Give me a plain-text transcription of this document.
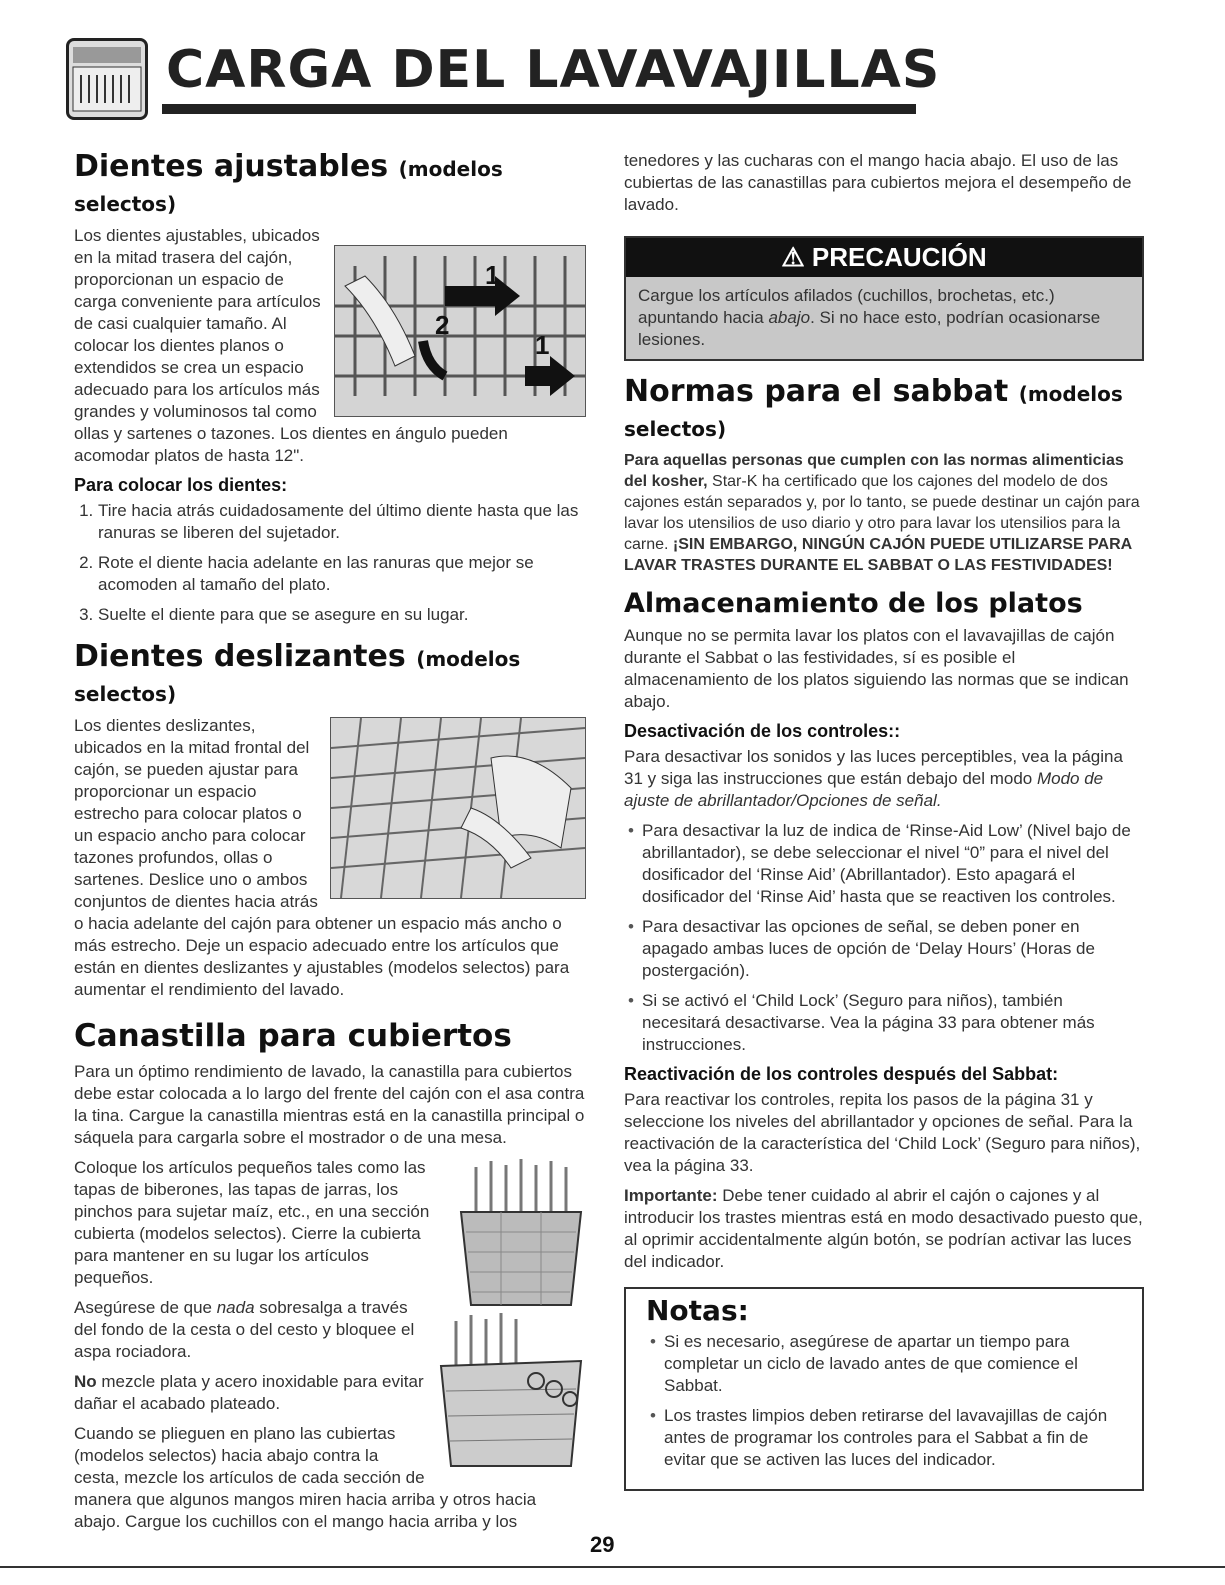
CARGA DEL LAVAVAJILLAS
Dientes ajustables (modelos selectos)
1
2
1

Los dientes ajustables, ubicados en la mitad trasera del cajón, proporcionan un espacio de carga conveniente para artículos de casi cualquier tamaño. Al colocar los dientes planos o extendidos se crea un espacio adecuado para los artículos más grandes y voluminosos tal como ollas y sartenes o tazones. Los dientes en ángulo pueden acomodar platos de hasta 12".

Para colocar los dientes:
1. Tire hacia atrás cuidadosamente del último diente hasta que las ranuras se liberen del sujetador.
2. Rote el diente hacia adelante en las ranuras que mejor se acomoden al tamaño del plato.
3. Suelte el diente para que se asegure en su lugar.
Dientes deslizantes (modelos selectos)

Los dientes deslizantes, ubicados en la mitad frontal del cajón, se pueden ajustar para proporcionar un espacio estrecho para colocar platos o un espacio ancho para colocar tazones profundos, ollas o sartenes. Deslice uno o ambos conjuntos de dientes hacia atrás o hacia adelante del cajón para obtener un espacio más ancho o más estrecho. Deje un espacio adecuado entre los artículos que están en dientes deslizantes y ajustables (modelos selectos) para aumentar el rendimiento del lavado.

Canastilla para cubiertos

Para un óptimo rendimiento de lavado, la canastilla para cubiertos debe estar colocada a lo largo del frente del cajón con el asa contra la tina. Cargue la canastilla mientras está en la canastilla principal o sáquela para cargarla sobre el mostrador o de una mesa.

Coloque los artículos pequeños tales como las tapas de biberones, las tapas de jarras, los pinchos para sujetar maíz, etc., en una sección cubierta (modelos selectos). Cierre la cubierta para mantener en su lugar los artículos pequeños.

Asegúrese de que nada sobresalga a través del fondo de la cesta o del cesto y bloquee el aspa rociadora.

No mezcle plata y acero inoxidable para evitar dañar el acabado plateado.

Cuando se plieguen en plano las cubiertas (modelos selectos) hacia abajo contra la cesta, mezcle los artículos de cada sección de manera que algunos mangos miren hacia arriba y otros hacia abajo. Cargue los cuchillos con el mango hacia arriba y los

tenedores y las cucharas con el mango hacia abajo. El uso de las cubiertas de las canastillas para cubiertos mejora el desempeño de lavado.

⚠ PRECAUCIÓN
Cargue los artículos afilados (cuchillos, brochetas, etc.) apuntando hacia abajo. Si no hace esto, podrían ocasionarse lesiones.
Normas para el sabbat (modelos selectos)

Para aquellas personas que cumplen con las normas alimenticias del kosher, Star-K ha certificado que los cajones del modelo de dos cajones están separados y, por lo tanto, se puede destinar un cajón para lavar los utensilios de uso diario y otro para lavar los utensilios para la carne. ¡SIN EMBARGO, NINGÚN CAJÓN PUEDE UTILIZARSE PARA LAVAR TRASTES DURANTE EL SABBAT O LAS FESTIVIDADES!

Almacenamiento de los platos

Aunque no se permita lavar los platos con el lavavajillas de cajón durante el Sabbat o las festividades, sí es posible el almacenamiento de los platos siguiendo las normas que se indican abajo.

Desactivación de los controles::

Para desactivar los sonidos y las luces perceptibles, vea la página 31 y siga las instrucciones que están debajo del modo Modo de ajuste de abrillantador/Opciones de señal.

• Para desactivar la luz de indica de ‘Rinse-Aid Low’ (Nivel bajo de abrillantador), se debe seleccionar el nivel “0” para el nivel del dosificador del ‘Rinse Aid’ (Abrillantador). Esto apagará el dosificador del ‘Rinse Aid’ hasta que se reactiven los controles.
• Para desactivar las opciones de señal, se deben poner en apagado ambas luces de opción de ‘Delay Hours’ (Horas de postergación).
• Si se activó el ‘Child Lock’ (Seguro para niños), también necesitará desactivarse. Vea la página 33 para obtener más instrucciones.
Reactivación de los controles después del Sabbat:

Para reactivar los controles, repita los pasos de la página 31 y seleccione los niveles del abrillantador y opciones de señal. Para la reactivación de la característica del ‘Child Lock’ (Seguro para niños), vea la página 33.

Importante: Debe tener cuidado al abrir el cajón o cajones y al introducir los trastes mientras está en modo desactivado puesto que, al oprimir accidentalmente algún botón, se podrían activar las luces del indicador.

Notas:
• Si es necesario, asegúrese de apartar un tiempo para completar un ciclo de lavado antes de que comience el Sabbat.
• Los trastes limpios deben retirarse del lavavajillas de cajón antes de programar los controles para el Sabbat a fin de evitar que se activen las luces del indicador.
29
